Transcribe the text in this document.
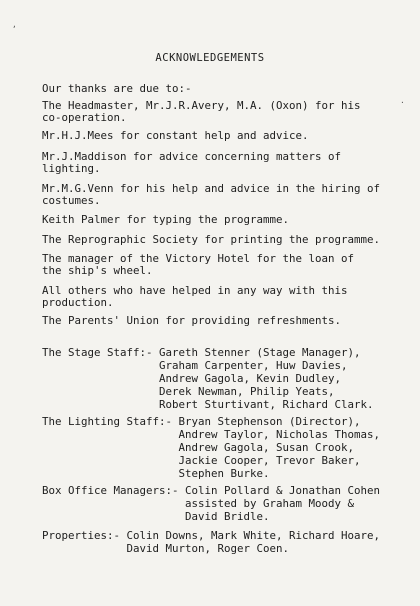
,
.
ACKNOWLEDGEMENTS
Our thanks are due to:-
The Headmaster, Mr.J.R.Avery, M.A. (Oxon) for his
co-operation.
Mr.H.J.Mees for constant help and advice.
Mr.J.Maddison for advice concerning matters of
lighting.
Mr.M.G.Venn for his help and advice in the hiring of
costumes.
Keith Palmer for typing the programme.
The Reprographic Society for printing the programme.
The manager of the Victory Hotel for the loan of
the ship's wheel.
All others who have helped in any way with this
production.
The Parents' Union for providing refreshments.
The Stage Staff:- Gareth Stenner (Stage Manager),
Graham Carpenter, Huw Davies,
Andrew Gagola, Kevin Dudley,
Derek Newman, Philip Yeats,
Robert Sturtivant, Richard Clark.
The Lighting Staff:- Bryan Stephenson (Director),
Andrew Taylor, Nicholas Thomas,
Andrew Gagola, Susan Crook,
Jackie Cooper, Trevor Baker,
Stephen Burke.
Box Office Managers:- Colin Pollard & Jonathan Cohen
assisted by Graham Moody &
David Bridle.
Properties:- Colin Downs, Mark White, Richard Hoare,
David Murton, Roger Coen.
